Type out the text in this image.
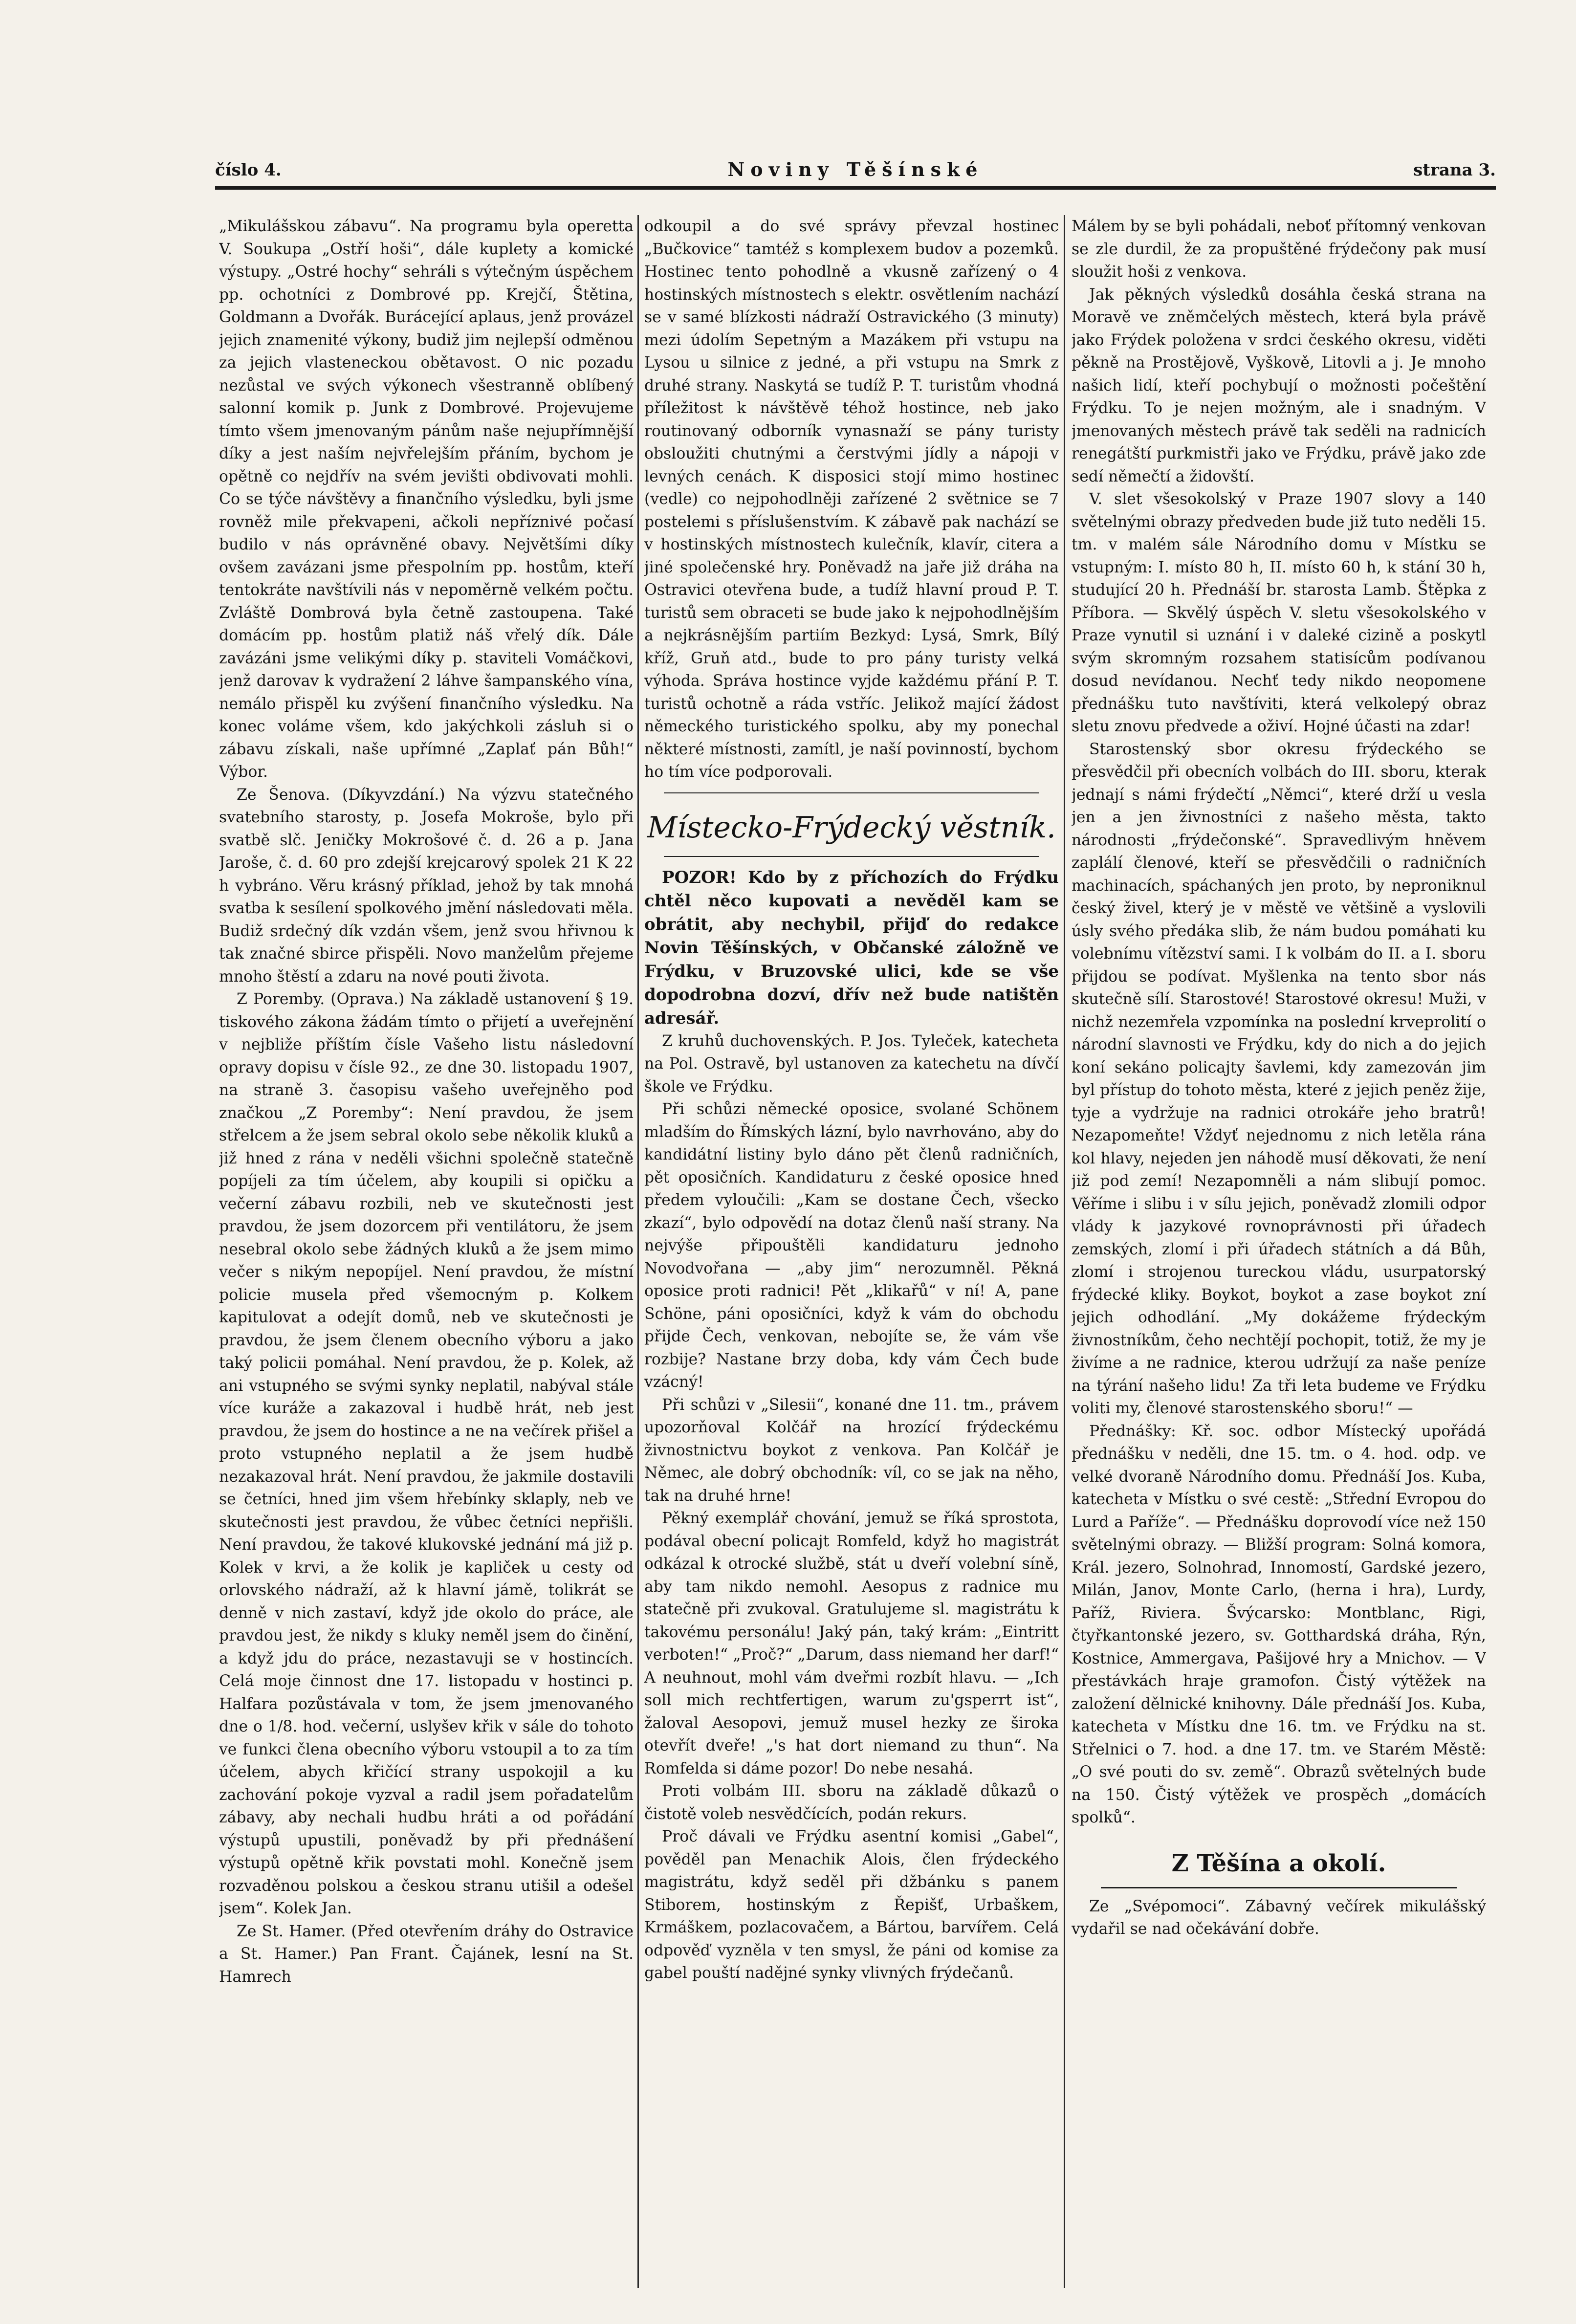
číslo 4.	Noviny Těšínské	strana 3.

„Mikulášskou zábavu“. Na programu byla operetta V. Soukupa „Ostří hoši“, dále kuplety a komické výstupy. „Ostré hochy“ sehráli s výtečným úspěchem pp. ochotníci z Dombrové pp. Krejčí, Štětina, Goldmann a Dvořák. Burácející aplaus, jenž provázel jejich znamenité výkony, budiž jim nejlepší odměnou za jejich vlasteneckou obětavost. O nic pozadu nezůstal ve svých výkonech všestranně oblíbený salonní komik p. Junk z Dombrové. Projevujeme tímto všem jmenovaným pánům naše nejupřímnější díky a jest naším nejvřelejším přáním, bychom je opětně co nejdřív na svém jevišti obdivovati mohli. Co se týče návštěvy a finančního výsledku, byli jsme rovněž mile překvapeni, ačkoli nepříznivé počasí budilo v nás oprávněné obavy. Největšími díky ovšem zavázani jsme přespolním pp. hostům, kteří tentokráte navštívili nás v nepoměrně velkém počtu. Zvláště Dombrová byla četně zastoupena. Také domácím pp. hostům platiž náš vřelý dík. Dále zavázáni jsme velikými díky p. staviteli Vomáčkovi, jenž darovav k vydražení 2 láhve šampanského vína, nemálo přispěl ku zvýšení finančního výsledku. Na konec voláme všem, kdo jakýchkoli zásluh si o zábavu získali, naše upřímné „Zaplať pán Bůh!“ Výbor.

Ze Šenova. (Díkyvzdání.) Na výzvu statečného svatebního starosty, p. Josefa Mokroše, bylo při svatbě slč. Jeničky Mokrošové č. d. 26 a p. Jana Jaroše, č. d. 60 pro zdejší krejcarový spolek 21 K 22 h vybráno. Věru krásný příklad, jehož by tak mnohá svatba k sesílení spolkového jmění následovati měla. Budiž srdečný dík vzdán všem, jenž svou hřivnou k tak značné sbirce přispěli. Novo manželům přejeme mnoho štěstí a zdaru na nové pouti života.

Z Poremby. (Oprava.) Na základě ustanovení § 19. tiskového zákona žádám tímto o přijetí a uveřejnění v nejbliže příštím čísle Vašeho listu následovní opravy dopisu v čísle 92., ze dne 30. listopadu 1907, na straně 3. časopisu vašeho uveřejněho pod značkou „Z Poremby“: Není pravdou, že jsem střelcem a že jsem sebral okolo sebe několik kluků a již hned z rána v neděli všichni společně statečně popíjeli za tím účelem, aby koupili si opičku a večerní zábavu rozbili, neb ve skutečnosti jest pravdou, že jsem dozorcem při ventilátoru, že jsem nesebral okolo sebe žádných kluků a že jsem mimo večer s nikým nepopíjel. Není pravdou, že místní policie musela před všemocným p. Kolkem kapitulovat a odejít domů, neb ve skutečnosti je pravdou, že jsem členem obecního výboru a jako taký policii pomáhal. Není pravdou, že p. Kolek, až ani vstupného se svými synky neplatil, nabýval stále více kuráže a zakazoval i hudbě hrát, neb jest pravdou, že jsem do hostince a ne na večírek přišel a proto vstupného neplatil a že jsem hudbě nezakazoval hrát. Není pravdou, že jakmile dostavili se četníci, hned jim všem hřebínky sklaply, neb ve skutečnosti jest pravdou, že vůbec četníci nepřišli. Není pravdou, že takové klukovské jednání má již p. Kolek v krvi, a že kolik je kapliček u cesty od orlovského nádraží, až k hlavní jámě, tolikrát se denně v nich zastaví, když jde okolo do práce, ale pravdou jest, že nikdy s kluky neměl jsem do činění, a když jdu do práce, nezastavuji se v hostincích. Celá moje činnost dne 17. listopadu v hostinci p. Halfara pozůstávala v tom, že jsem jmenovaného dne o 1/8. hod. večerní, uslyšev křik v sále do tohoto ve funkci člena obecního výboru vstoupil a to za tím účelem, abych křičící strany uspokojil a ku zachování pokoje vyzval a radil jsem pořadatelům zábavy, aby nechali hudbu hráti a od pořádání výstupů upustili, poněvadž by při přednášení výstupů opětně křik povstati mohl. Konečně jsem rozvaděnou polskou a českou stranu utišil a odešel jsem“. Kolek Jan.

Ze St. Hamer. (Před otevřením dráhy do Ostravice a St. Hamer.) Pan Frant. Čajánek, lesní na St. Hamrech

odkoupil a do své správy převzal hostinec „Bučkovice“ tamtéž s komplexem budov a pozemků. Hostinec tento pohodlně a vkusně zařízený o 4 hostinských místnostech s elektr. osvětlením nachází se v samé blízkosti nádraží Ostravického (3 minuty) mezi údolím Sepetným a Mazákem při vstupu na Lysou u silnice z jedné, a při vstupu na Smrk z druhé strany. Naskytá se tudíž P. T. turistům vhodná příležitost k návštěvě téhož hostince, neb jako routinovaný odborník vynasnaží se pány turisty obsloužiti chutnými a čerstvými jídly a nápoji v levných cenách. K disposici stojí mimo hostinec (vedle) co nejpohodlněji zařízené 2 světnice se 7 postelemi s příslušenstvím. K zábavě pak nachází se v hostinských místnostech kulečník, klavír, citera a jiné společenské hry. Poněvadž na jaře již dráha na Ostravici otevřena bude, a tudíž hlavní proud P. T. turistů sem obraceti se bude jako k nejpohodlnějším a nejkrásnějším partiím Bezkyd: Lysá, Smrk, Bílý kříž, Gruň atd., bude to pro pány turisty velká výhoda. Správa hostince vyjde každému přání P. T. turistů ochotně a ráda vstříc. Jelikož mající žádost německého turistického spolku, aby my ponechal některé místnosti, zamítl, je naší povinností, bychom ho tím více podporovali.

Místecko-Frýdecký věstník.

POZOR! Kdo by z příchozích do Frýdku chtěl něco kupovati a nevěděl kam se obrátit, aby nechybil, přijď do redakce Novin Těšínských, v Občanské záložně ve Frýdku, v Bruzovské ulici, kde se vše dopodrobna dozví, dřív než bude natištěn adresář.

Z kruhů duchovenských. P. Jos. Tyleček, katecheta na Pol. Ostravě, byl ustanoven za katechetu na dívčí škole ve Frýdku.

Při schůzi německé oposice, svolané Schönem mladším do Římských lázní, bylo navrhováno, aby do kandidátní listiny bylo dáno pět členů radničních, pět oposičních. Kandidaturu z české oposice hned předem vyloučili: „Kam se dostane Čech, všecko zkazí“, bylo odpovědí na dotaz členů naší strany. Na nejvýše připouštěli kandidaturu jednoho Novodvořana — „aby jim“ nerozumněl. Pěkná oposice proti radnici! Pět „klikařů“ v ní! A, pane Schöne, páni oposičníci, když k vám do obchodu přijde Čech, venkovan, nebojíte se, že vám vše rozbije? Nastane brzy doba, kdy vám Čech bude vzácný!

Při schůzi v „Silesii“, konané dne 11. tm., právem upozorňoval Kolčář na hrozící frýdeckému živnostnictvu boykot z venkova. Pan Kolčář je Němec, ale dobrý obchodník: víl, co se jak na něho, tak na druhé hrne!

Pěkný exemplář chování, jemuž se říká sprostota, podával obecní policajt Romfeld, když ho magistrát odkázal k otrocké službě, stát u dveří volební síně, aby tam nikdo nemohl. Aesopus z radnice mu statečně při zvukoval. Gratulujeme sl. magistrátu k takovému personálu! Jaký pán, taký krám: „Eintritt verboten!“ „Proč?“ „Darum, dass niemand her darf!“ A neuhnout, mohl vám dveřmi rozbít hlavu. — „Ich soll mich rechtfertigen, warum zu'gsperrt ist“, žaloval Aesopovi, jemuž musel hezky ze široka otevřít dveře! „'s hat dort niemand zu thun“. Na Romfelda si dáme pozor! Do nebe nesahá.

Proti volbám III. sboru na základě důkazů o čistotě voleb nesvědčících, podán rekurs.

Proč dávali ve Frýdku asentní komisi „Gabel“, pověděl pan Menachik Alois, člen frýdeckého magistrátu, když seděl při džbánku s panem Stiborem, hostinským z Řepišť, Urbaškem, Krmáškem, pozlacovačem, a Bártou, barvířem. Celá odpověď vyzněla v ten smysl, že páni od komise za gabel pouští nadějné synky vlivných frýdečanů.

Málem by se byli pohádali, neboť přítomný venkovan se zle durdil, že za propuštěné frýdečony pak musí sloužit hoši z venkova.

Jak pěkných výsledků dosáhla česká strana na Moravě ve zněmčelých městech, která byla právě jako Frýdek položena v srdci českého okresu, viděti pěkně na Prostějově, Vyškově, Litovli a j. Je mnoho našich lidí, kteří pochybují o možnosti počeštění Frýdku. To je nejen možným, ale i snadným. V jmenovaných městech právě tak seděli na radnicích renegátští purkmistři jako ve Frýdku, právě jako zde sedí němečtí a židovští.

V. slet všesokolský v Praze 1907 slovy a 140 světelnými obrazy předveden bude již tuto neděli 15. tm. v malém sále Národního domu v Místku se vstupným: I. místo 80 h, II. místo 60 h, k stání 30 h, studující 20 h. Přednáší br. starosta Lamb. Štěpka z Příbora. — Skvělý úspěch V. sletu všesokolského v Praze vynutil si uznání i v daleké cizině a poskytl svým skromným rozsahem statisícům podívanou dosud nevídanou. Nechť tedy nikdo neopomene přednášku tuto navštíviti, která velkolepý obraz sletu znovu předvede a oživí. Hojné účasti na zdar!

Starostenský sbor okresu frýdeckého se přesvědčil při obecních volbách do III. sboru, kterak jednají s námi frýdečtí „Němci“, které drží u vesla jen a jen živnostníci z našeho města, takto národnosti „frýdečonské“. Spravedlivým hněvem zaplálí členové, kteří se přesvědčili o radničních machinacích, spáchaných jen proto, by neproniknul český živel, který je v městě ve většině a vyslovili úsly svého předáka slib, že nám budou pomáhati ku volebnímu vítězství sami. I k volbám do II. a I. sboru přijdou se podívat. Myšlenka na tento sbor nás skutečně sílí. Starostové! Starostové okresu! Muži, v nichž nezemřela vzpomínka na poslední krveprolití o národní slavnosti ve Frýdku, kdy do nich a do jejich koní sekáno policajty šavlemi, kdy zamezován jim byl přístup do tohoto města, které z jejich peněz žije, tyje a vydržuje na radnici otrokáře jeho bratrů! Nezapomeňte! Vždyť nejednomu z nich letěla rána kol hlavy, nejeden jen náhodě musí děkovati, že není již pod zemí! Nezapomněli a nám slibují pomoc. Věříme i slibu i v sílu jejich, poněvadž zlomili odpor vlády k jazykové rovnoprávnosti při úřadech zemských, zlomí i při úřadech státních a dá Bůh, zlomí i strojenou tureckou vládu, usurpatorský frýdecké kliky. Boykot, boykot a zase boykot zní jejich odhodlání. „My dokážeme frýdeckým živnostníkům, čeho nechtějí pochopit, totiž, že my je živíme a ne radnice, kterou udržují za naše peníze na týrání našeho lidu! Za tři leta budeme ve Frýdku voliti my, členové starostenského sboru!“ —

Přednášky: Kř. soc. odbor Místecký upořádá přednášku v neděli, dne 15. tm. o 4. hod. odp. ve velké dvoraně Národního domu. Přednáší Jos. Kuba, katecheta v Místku o své cestě: „Střední Evropou do Lurd a Paříže“. — Přednášku doprovodí více než 150 světelnými obrazy. — Bližší program: Solná komora, Král. jezero, Solnohrad, Innomostí, Gardské jezero, Milán, Janov, Monte Carlo, (herna i hra), Lurdy, Paříž, Riviera. Švýcarsko: Montblanc, Rigi, čtyřkantonské jezero, sv. Gotthardská dráha, Rýn, Kostnice, Ammergava, Pašijové hry a Mnichov. — V přestávkách hraje gramofon. Čistý výtěžek na založení dělnické knihovny. Dále přednáší Jos. Kuba, katecheta v Místku dne 16. tm. ve Frýdku na st. Střelnici o 7. hod. a dne 17. tm. ve Starém Městě: „O své pouti do sv. země“. Obrazů světelných bude na 150. Čistý výtěžek ve prospěch „domácích spolků“.

Z Těšína a okolí.

Ze „Svépomoci“. Zábavný večírek mikulášský vydařil se nad očekávání dobře.
